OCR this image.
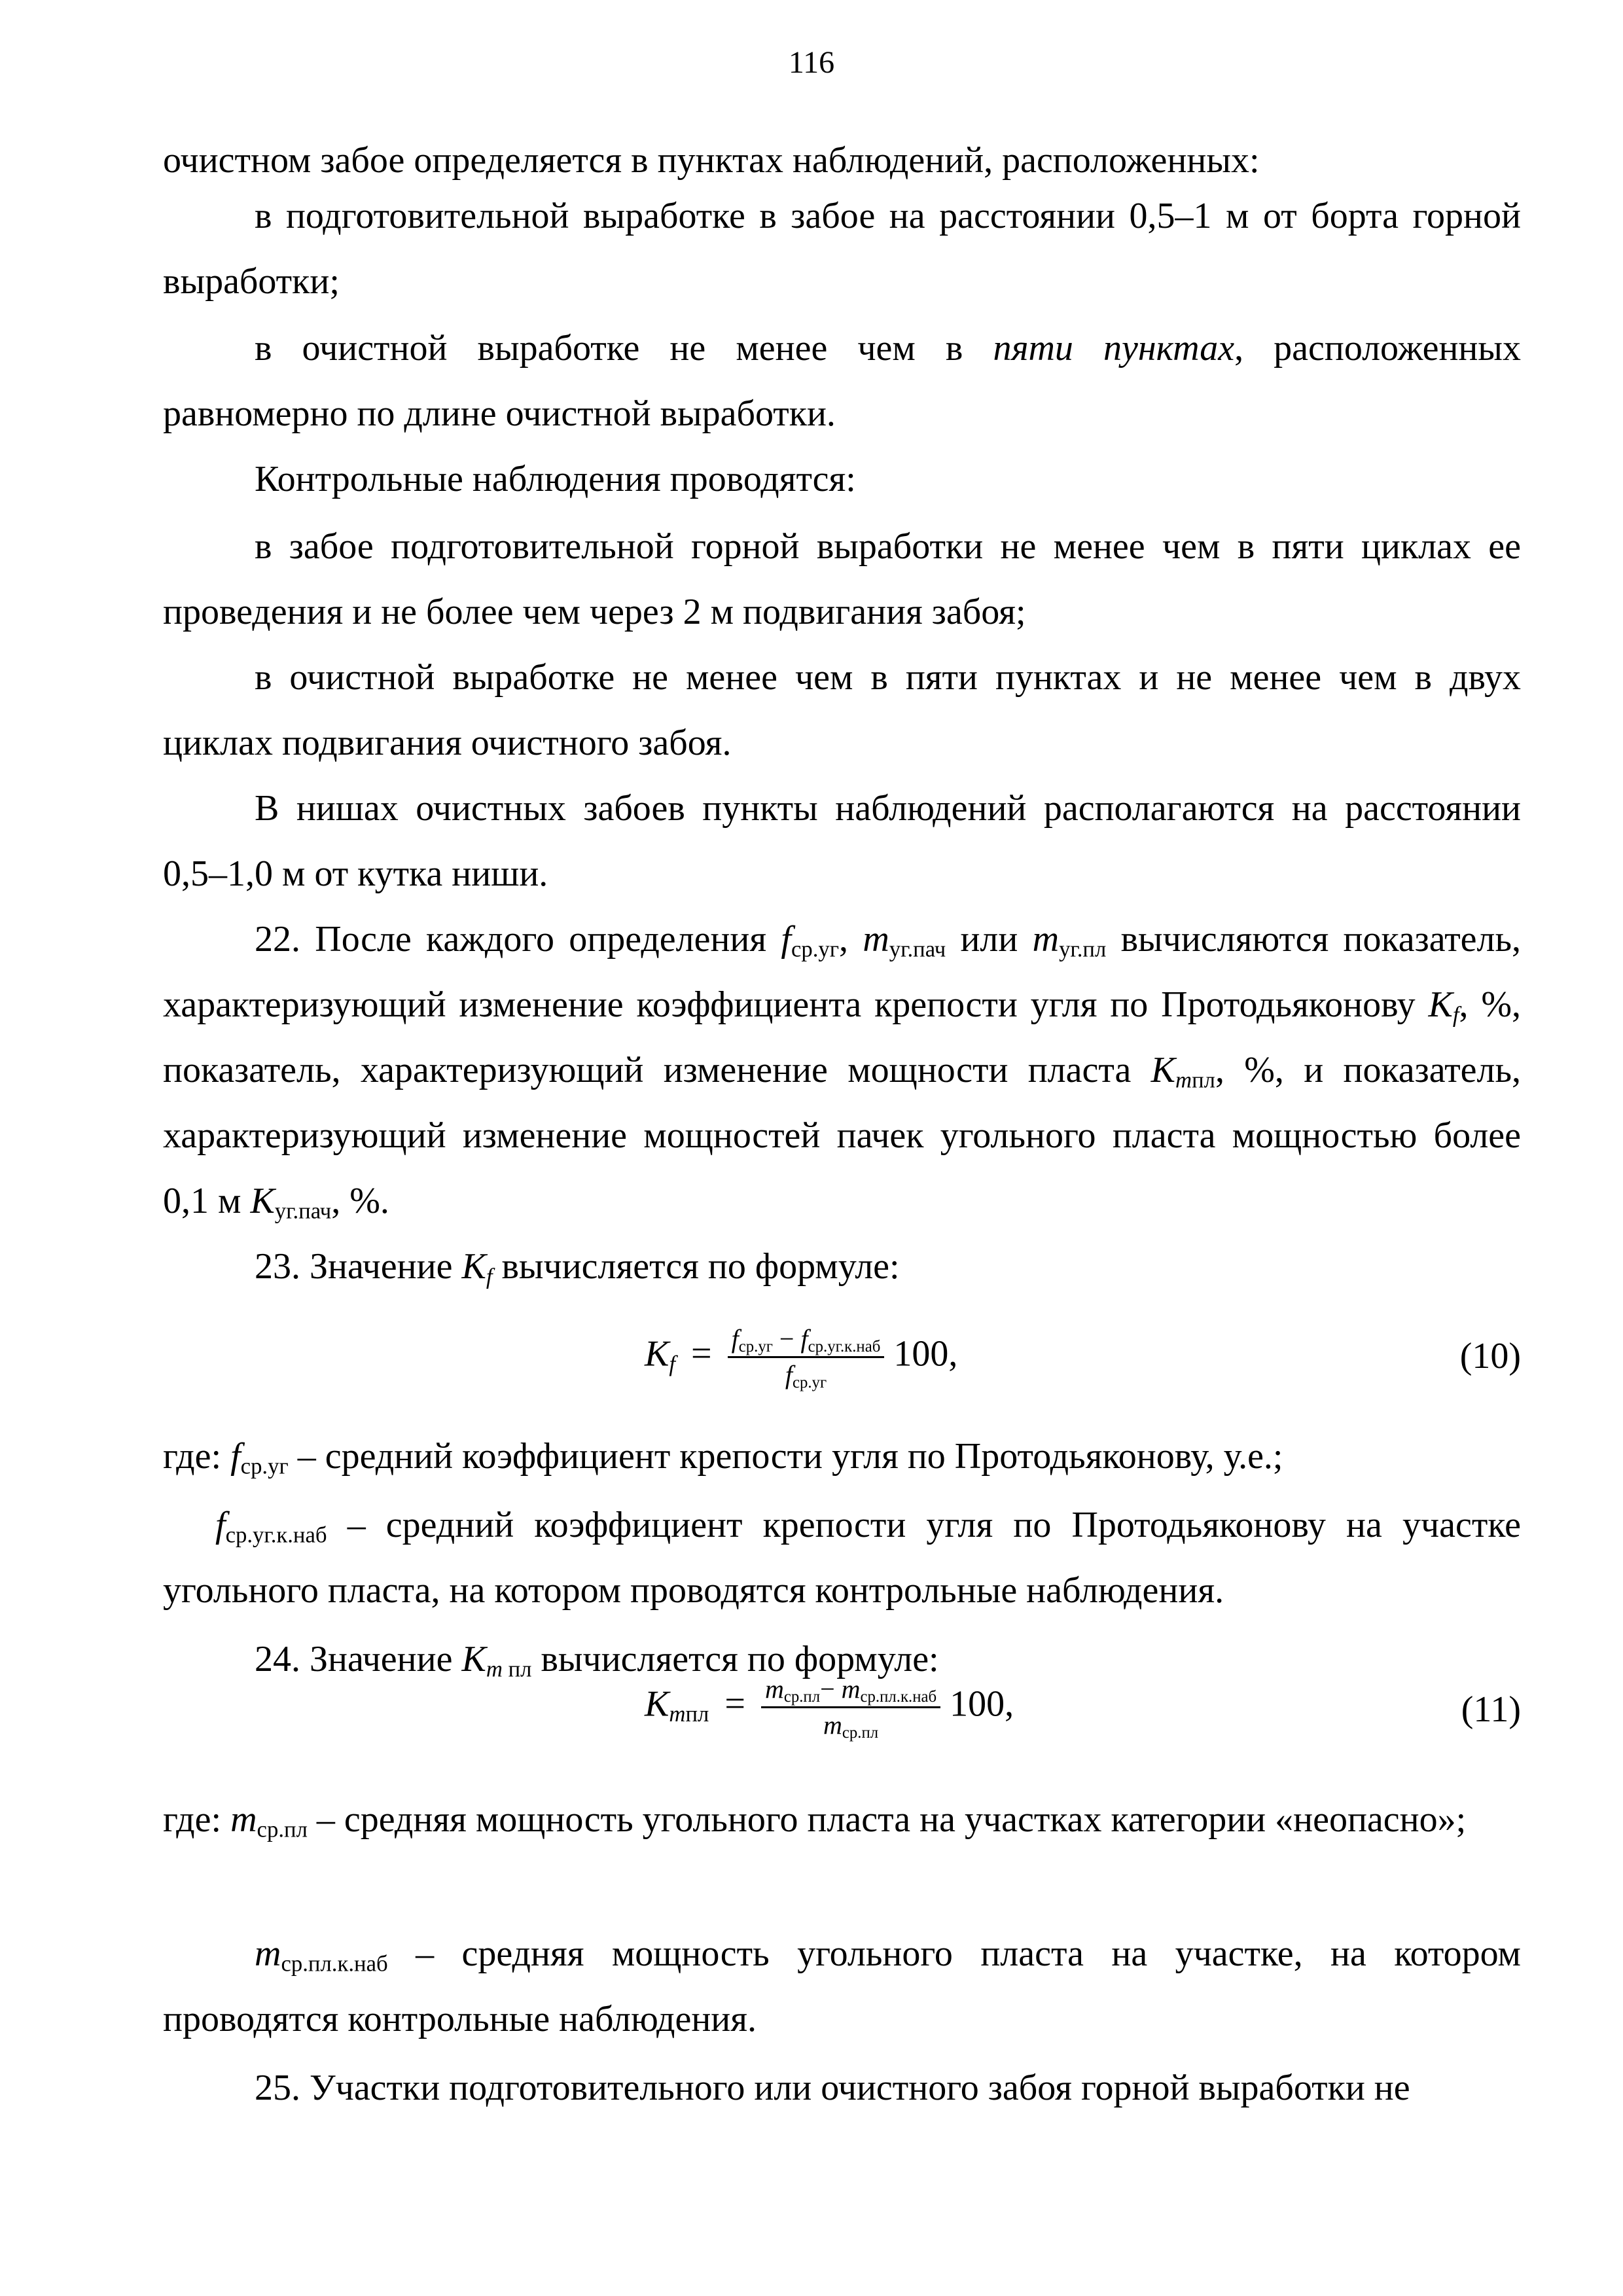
116

очистном забое определяется в пунктах наблюдений, расположенных:

в подготовительной выработке в забое на расстоянии 0,5–1 м от борта горной выработки;

в очистной выработке не менее чем в пяти пунктах, расположенных равномерно по длине очистной выработки.

Контрольные наблюдения проводятся:

в забое подготовительной горной выработки не менее чем в пяти циклах ее проведения и не более чем через 2 м подвигания забоя;

в очистной выработке не менее чем в пяти пунктах и не менее чем в двух циклах подвигания очистного забоя.

В нишах очистных забоев пункты наблюдений располагаются на расстоянии 0,5–1,0 м от кутка ниши.

22. После каждого определения $f_{ср.уг}$, $m_{уг.пач}$ или $m_{уг.пл}$ вычисляются показатель, характеризующий изменение коэффициента крепости угля по Протодьяконову $K_f$, %, показатель, характеризующий изменение мощности пласта $K_{mпл}$, %, и показатель, характеризующий изменение мощностей пачек угольного пласта мощностью более 0,1 м $K_{уг.пач}$, %.

23. Значение $K_f$ вычисляется по формуле:

$K_f = \frac{f_{ср.уг} - f_{ср.уг.к.наб}}{f_{ср.уг}} 100$,	(10)

где: $f_{ср.уг}$ – средний коэффициент крепости угля по Протодьяконову, у.е.;

$f_{ср.уг.к.наб}$ – средний коэффициент крепости угля по Протодьяконову на участке угольного пласта, на котором проводятся контрольные наблюдения.

24. Значение $K_{m пл}$ вычисляется по формуле:

$K_{mпл} = \frac{m_{ср.пл}- m_{ср.пл.к.наб}}{m_{ср.пл}} 100$,	(11)

где: $m_{ср.пл}$ – средняя мощность угольного пласта на участках категории «неопасно»;

$m_{ср.пл.к.наб}$ – средняя мощность угольного пласта на участке, на котором проводятся контрольные наблюдения.

25. Участки подготовительного или очистного забоя горной выработки не
